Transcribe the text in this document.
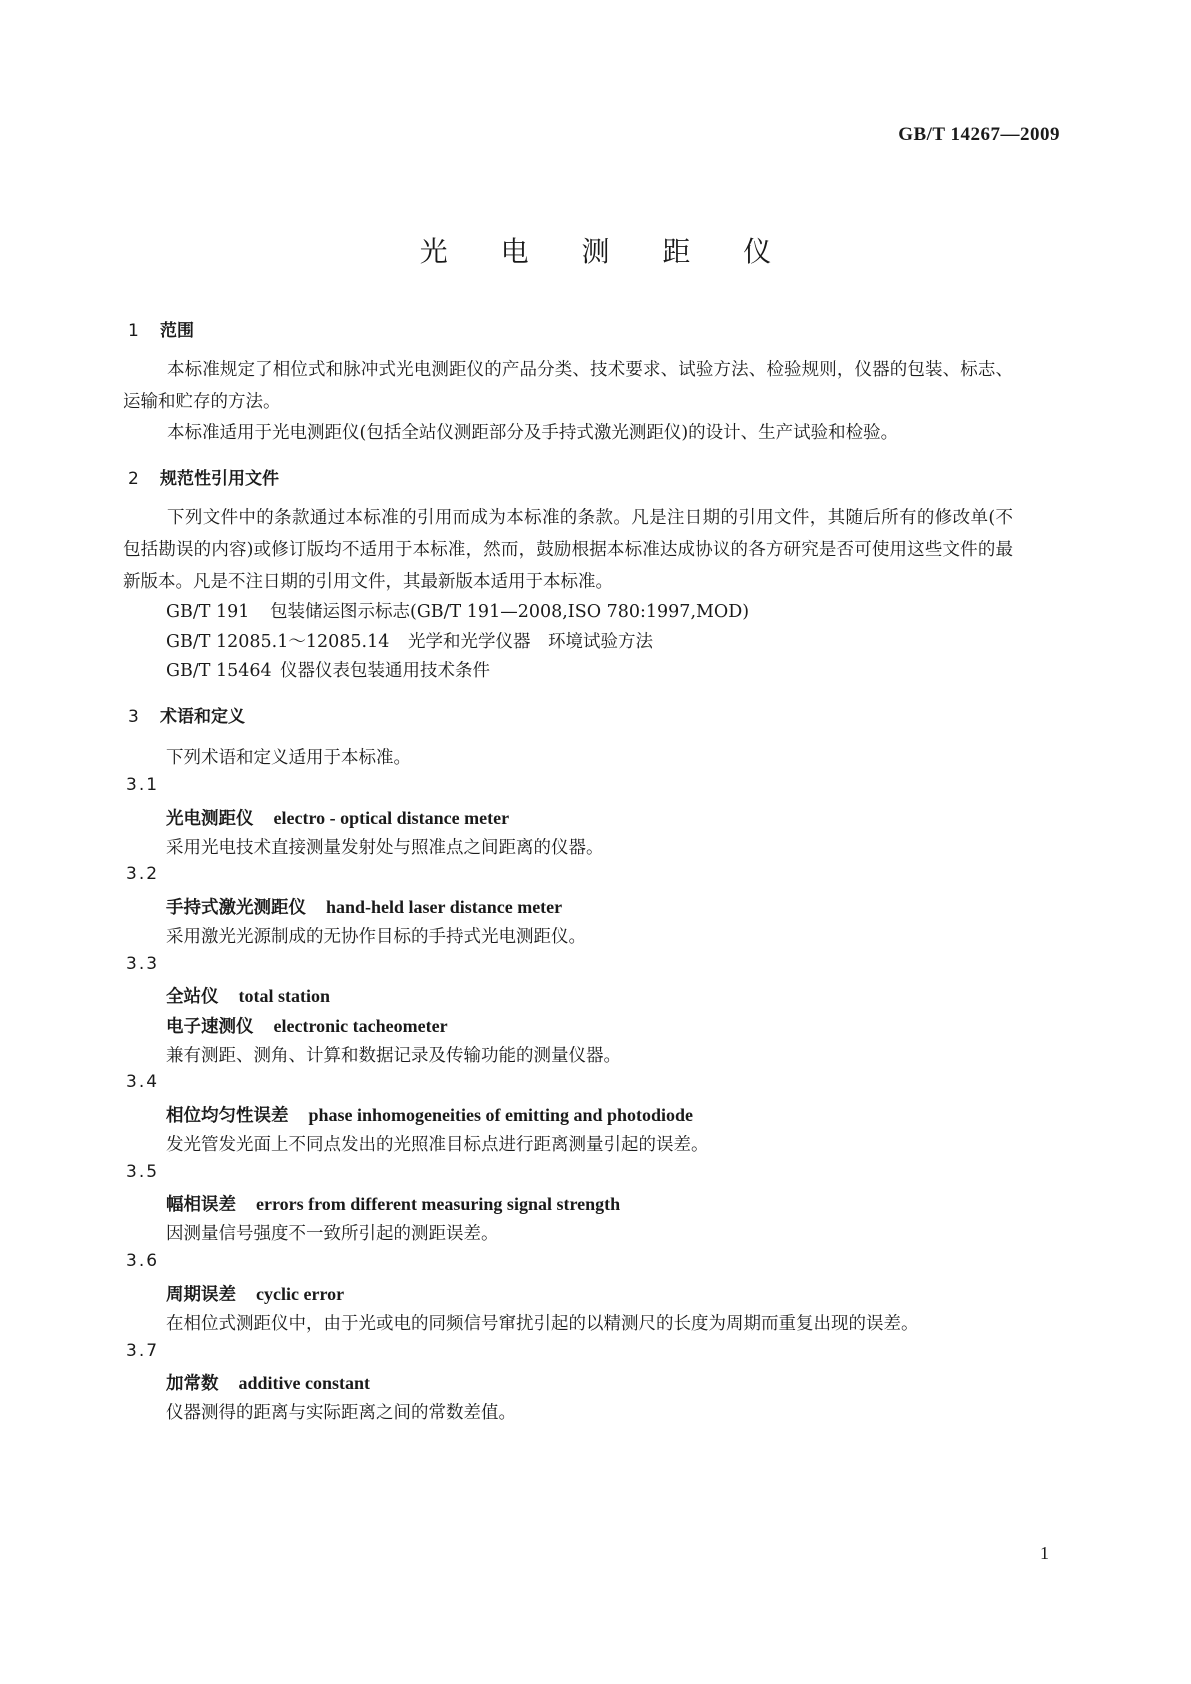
GB/T 14267—2009
光 电 测 距 仪
1 范围
本标准规定了相位式和脉冲式光电测距仪的产品分类、技术要求、试验方法、检验规则，仪器的包装、标志、运输和贮存的方法。
本标准适用于光电测距仪(包括全站仪测距部分及手持式激光测距仪)的设计、生产试验和检验。
2 规范性引用文件
下列文件中的条款通过本标准的引用而成为本标准的条款。凡是注日期的引用文件，其随后所有的修改单(不包括勘误的内容)或修订版均不适用于本标准，然而，鼓励根据本标准达成协议的各方研究是否可使用这些文件的最新版本。凡是不注日期的引用文件，其最新版本适用于本标准。
GB/T 191 包装储运图示标志(GB/T 191—2008,ISO 780:1997,MOD)
GB/T 12085.1～12085.14 光学和光学仪器　环境试验方法
GB/T 15464 仪器仪表包装通用技术条件
3 术语和定义
下列术语和定义适用于本标准。
3.1
光电测距仪 electro - optical distance meter
采用光电技术直接测量发射处与照准点之间距离的仪器。
3.2
手持式激光测距仪 hand-held laser distance meter
采用激光光源制成的无协作目标的手持式光电测距仪。
3.3
全站仪 total station
电子速测仪 electronic tacheometer
兼有测距、测角、计算和数据记录及传输功能的测量仪器。
3.4
相位均匀性误差 phase inhomogeneities of emitting and photodiode
发光管发光面上不同点发出的光照准目标点进行距离测量引起的误差。
3.5
幅相误差 errors from different measuring signal strength
因测量信号强度不一致所引起的测距误差。
3.6
周期误差 cyclic error
在相位式测距仪中，由于光或电的同频信号窜扰引起的以精测尺的长度为周期而重复出现的误差。
3.7
加常数 additive constant
仪器测得的距离与实际距离之间的常数差值。
1
